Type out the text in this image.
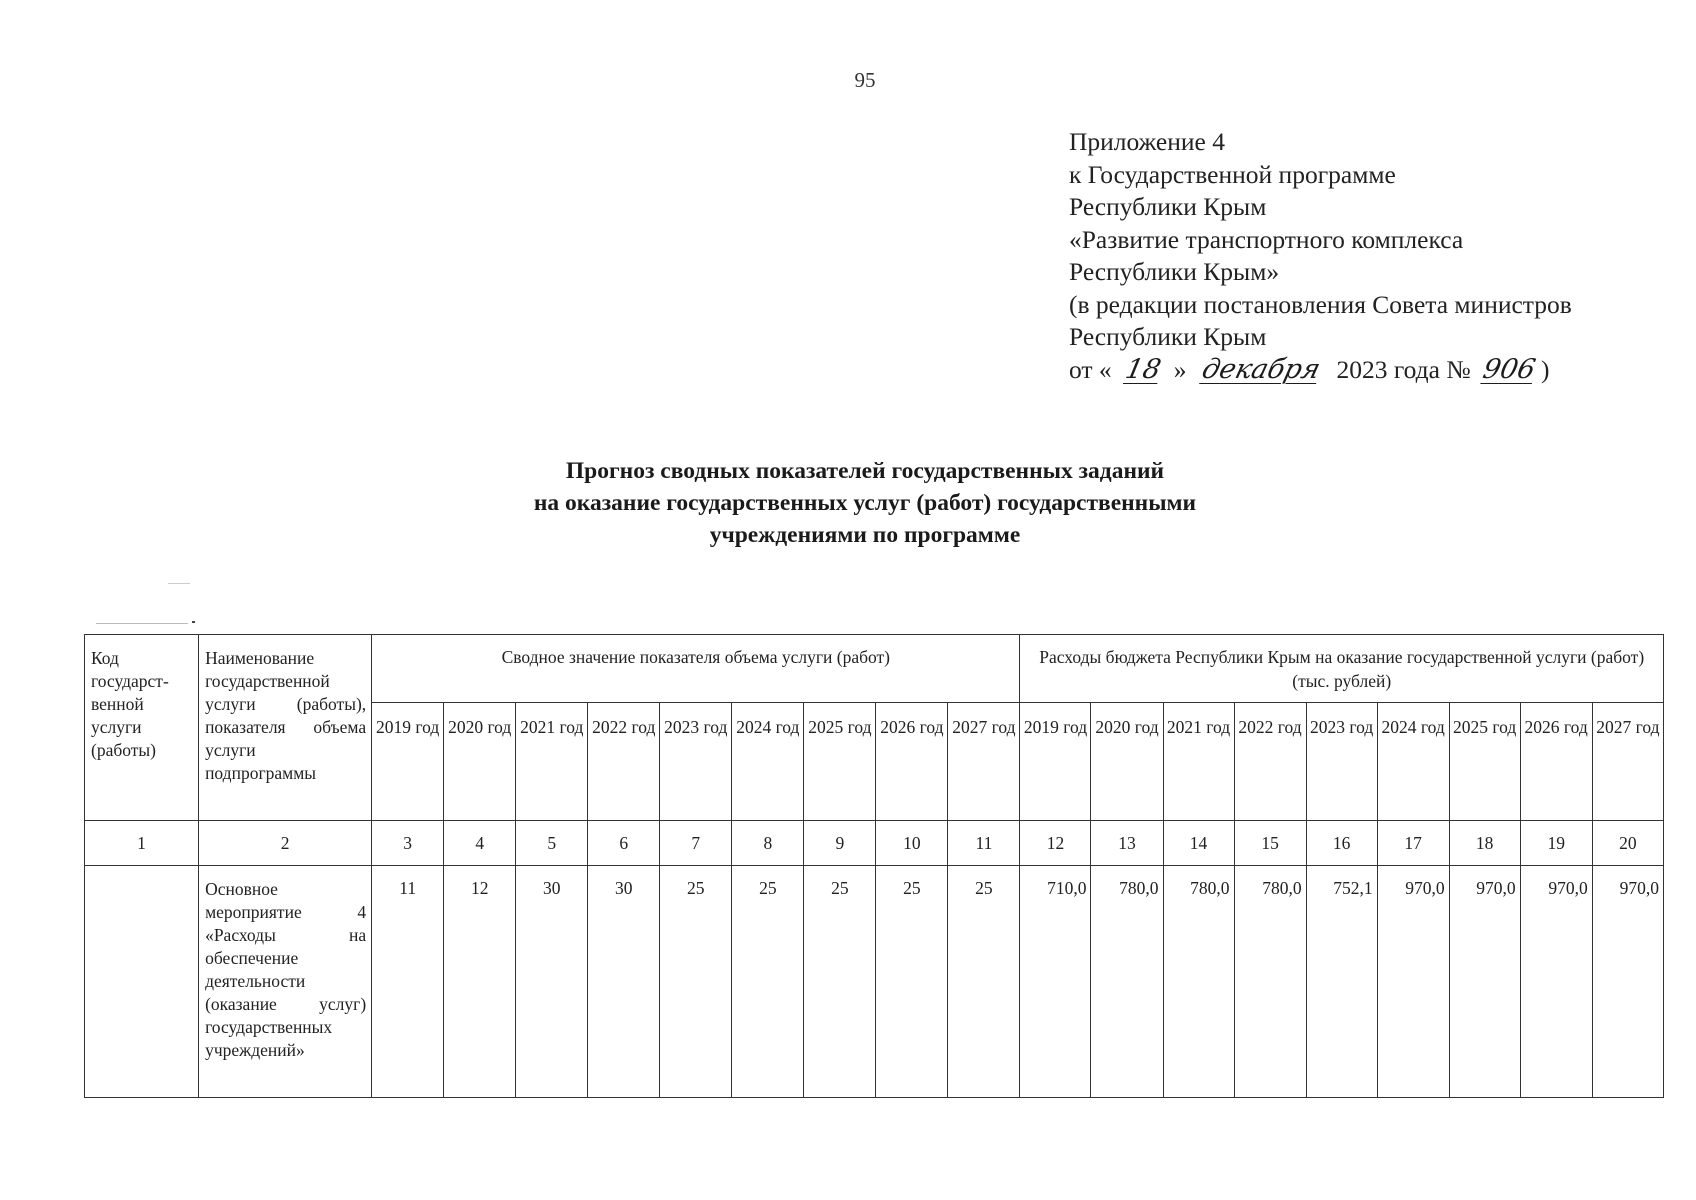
95
Приложение 4
к Государственной программе
Республики Крым
«Развитие транспортного комплекса
Республики Крым»
(в редакции постановления Совета министров
Республики Крым
от « 18 » декабря 2023 года № 906 )
Прогноз сводных показателей государственных заданий
на оказание государственных услуг (работ) государственными
учреждениями по программе
Код государст-венной услуги (работы)	Наименование государственной услуги (работы), показателя объема услуги подпрограммы	Сводное значение показателя объема услуги (работ)									Расходы бюджета Республики Крым на оказание государственной услуги (работ) (тыс. рублей)								

		2019 год	2020 год	2021 год	2022 год	2023 год	2024 год	2025 год	2026 год	2027 год	2019 год	2020 год	2021 год	2022 год	2023 год	2024 год	2025 год	2026 год	2027 год

1	2	3	4	5	6	7	8	9	10	11	12	13	14	15	16	17	18	19	20

	Основное мероприятие 4 «Расходы на обеспечение деятельности (оказание услуг) государственных учреждений»	11	12	30	30	25	25	25	25	25	710,0	780,0	780,0	780,0	752,1	970,0	970,0	970,0	970,0
